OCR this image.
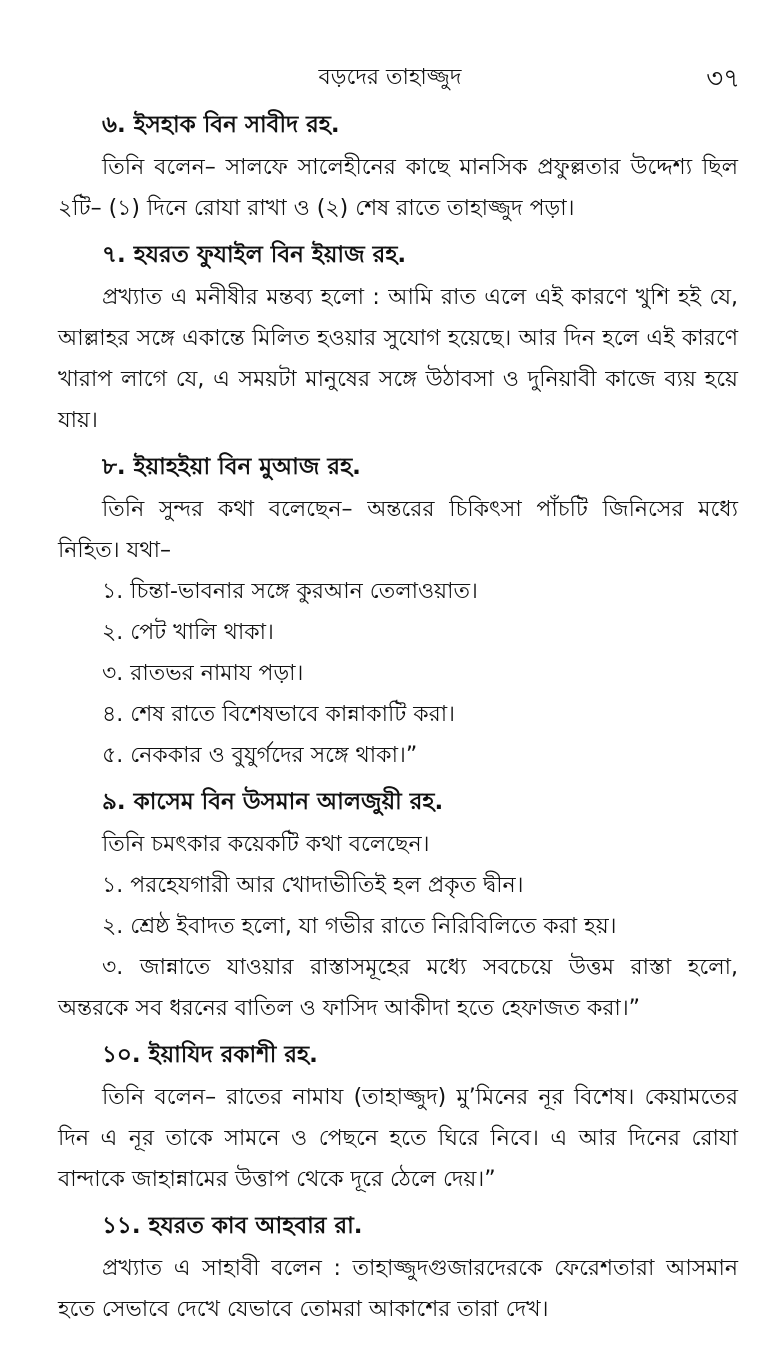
বড়দের তাহাজ্জুদ	৩৭
৬. ইসহাক বিন সাবীদ রহ.

তিনি বলেন– সালফে সালেহীনের কাছে মানসিক প্রফুল্লতার উদ্দেশ্য ছিল ২টি– (১) দিনে রোযা রাখা ও (২) শেষ রাতে তাহাজ্জুদ পড়া।

৭. হযরত ফুযাইল বিন ইয়াজ রহ.

প্রখ্যাত এ মনীষীর মন্তব্য হলো : আমি রাত এলে এই কারণে খুশি হই যে, আল্লাহর সঙ্গে একান্তে মিলিত হওয়ার সুযোগ হয়েছে। আর দিন হলে এই কারণে খারাপ লাগে যে, এ সময়টা মানুষের সঙ্গে উঠাবসা ও দুনিয়াবী কাজে ব্যয় হয়ে যায়।

৮. ইয়াহইয়া বিন মুআজ রহ.

তিনি সুন্দর কথা বলেছেন– অন্তরের চিকিৎসা পাঁচটি জিনিসের মধ্যে নিহিত। যথা–

১. চিন্তা-ভাবনার সঙ্গে কুরআন তেলাওয়াত।
২. পেট খালি থাকা।
৩. রাতভর নামায পড়া।
৪. শেষ রাতে বিশেষভাবে কান্নাকাটি করা।
৫. নেককার ও বুযুর্গদের সঙ্গে থাকা।”
৯. কাসেম বিন উসমান আলজুয়ী রহ.
তিনি চমৎকার কয়েকটি কথা বলেছেন।
১. পরহেযগারী আর খোদাভীতিই হল প্রকৃত দ্বীন।
২. শ্রেষ্ঠ ইবাদত হলো, যা গভীর রাতে নিরিবিলিতে করা হয়।

৩. জান্নাতে যাওয়ার রাস্তাসমূহের মধ্যে সবচেয়ে উত্তম রাস্তা হলো, অন্তরকে সব ধরনের বাতিল ও ফাসিদ আকীদা হতে হেফাজত করা।”

১০. ইয়াযিদ রকাশী রহ.

তিনি বলেন– রাতের নামায (তাহাজ্জুদ) মু’মিনের নূর বিশেষ। কেয়ামতের দিন এ নূর তাকে সামনে ও পেছনে হতে ঘিরে নিবে। এ আর দিনের রোযা বান্দাকে জাহান্নামের উত্তাপ থেকে দূরে ঠেলে দেয়।”

১১. হযরত কাব আহবার রা.

প্রখ্যাত এ সাহাবী বলেন : তাহাজ্জুদগুজারদেরকে ফেরেশতারা আসমান হতে সেভাবে দেখে যেভাবে তোমরা আকাশের তারা দেখ।
